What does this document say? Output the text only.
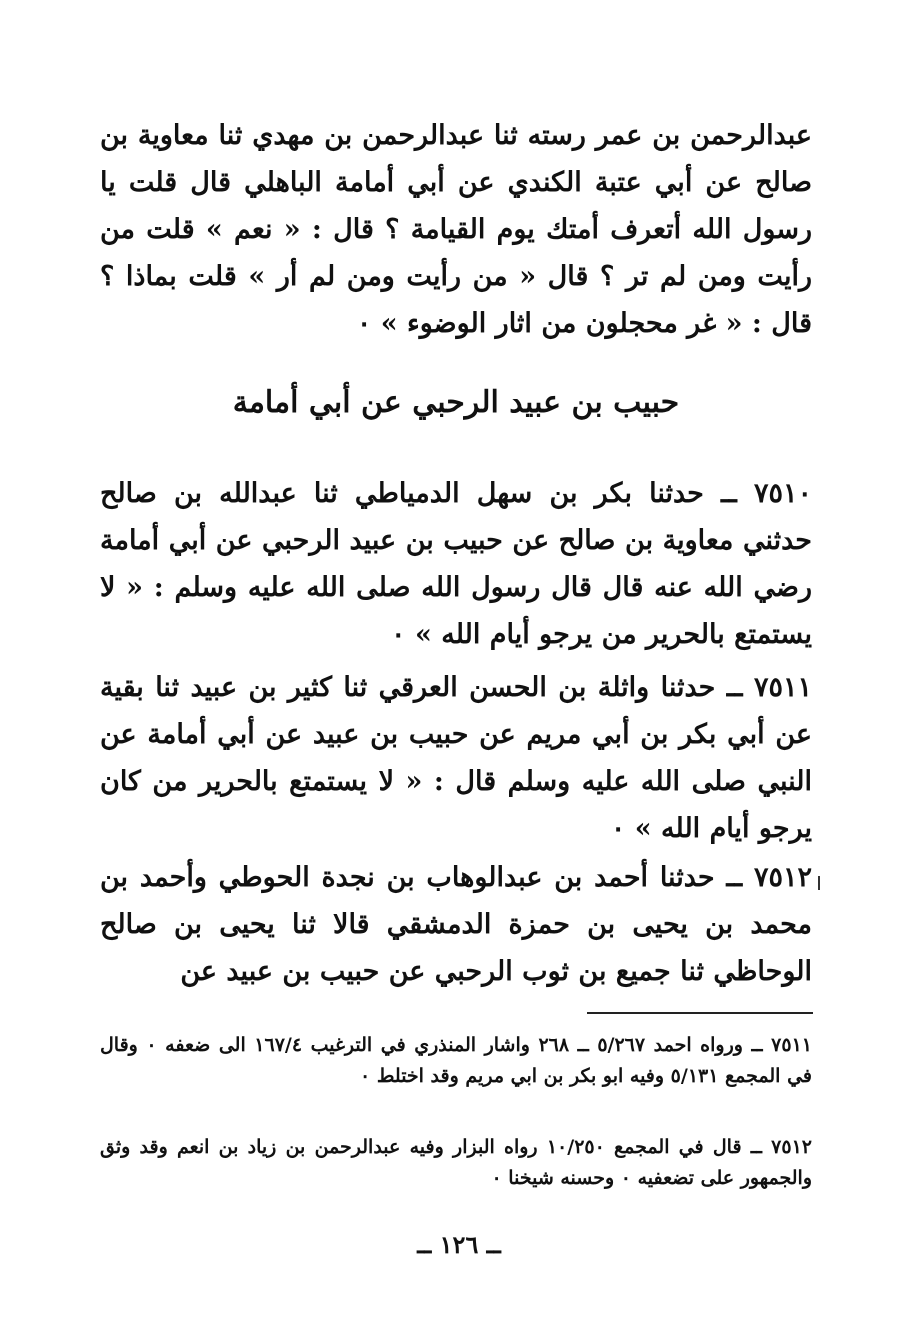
عبدالرحمن بن عمر رسته ثنا عبدالرحمن بن مهدي ثنا معاوية بن صالح عن أبي عتبة الكندي عن أبي أمامة الباهلي قال قلت يا رسول الله أتعرف أمتك يوم القيامة ؟ قال : « نعم » قلت من رأيت ومن لم تر ؟ قال « من رأيت ومن لم أر » قلت بماذا ؟ قال : « غر محجلون من اثار الوضوء » ٠

حبيب بن عبيد الرحبي عن أبي أمامة

٧٥١٠ ــ حدثنا بكر بن سهل الدمياطي ثنا عبدالله بن صالح حدثني معاوية بن صالح عن حبيب بن عبيد الرحبي عن أبي أمامة رضي الله عنه قال قال رسول الله صلى الله عليه وسلم : « لا يستمتع بالحرير من يرجو أيام الله » ٠

٧٥١١ ــ حدثنا واثلة بن الحسن العرقي ثنا كثير بن عبيد ثنا بقية عن أبي بكر بن أبي مريم عن حبيب بن عبيد عن أبي أمامة عن النبي صلى الله عليه وسلم قال : « لا يستمتع بالحرير من كان يرجو أيام الله » ٠

٧٥١٢ ــ حدثنا أحمد بن عبدالوهاب بن نجدة الحوطي وأحمد بن محمد بن يحيى بن حمزة الدمشقي قالا ثنا يحيى بن صالح الوحاظي ثنا جميع بن ثوب الرحبي عن حبيب بن عبيد عن

٧٥١١ ــ ورواه احمد ٥/٢٦٧ ــ ٢٦٨ واشار المنذري في الترغيب ١٦٧/٤ الى ضعفه ٠ وقال في المجمع ٥/١٣١ وفيه ابو بكر بن ابي مريم وقد اختلط ٠

٧٥١٢ ــ قال في المجمع ١٠/٢٥٠ رواه البزار وفيه عبدالرحمن بن زياد بن انعم وقد وثق والجمهور على تضعفيه ٠ وحسنه شيخنا ٠

ــ ١٢٦ ــ
